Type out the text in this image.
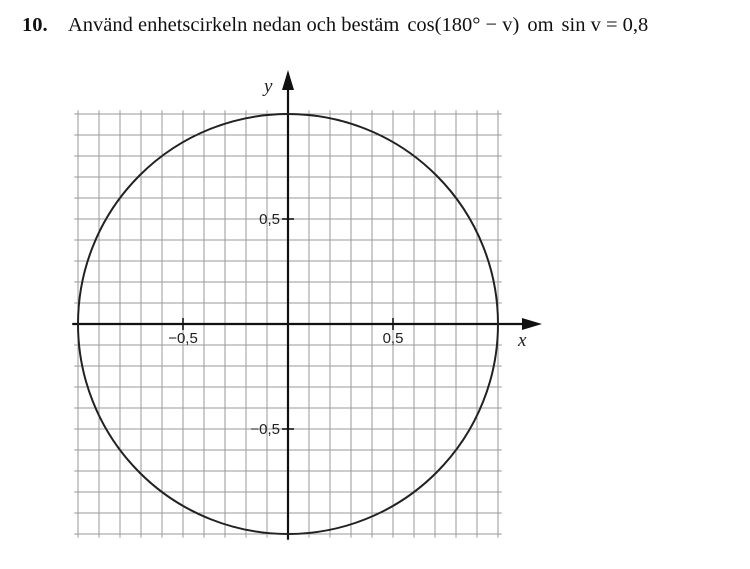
10. Använd enhetscirkeln nedan och bestäm cos(180° − v) om sin v = 0,8
x
y
−0,5	0,5
0,5
−0,5
